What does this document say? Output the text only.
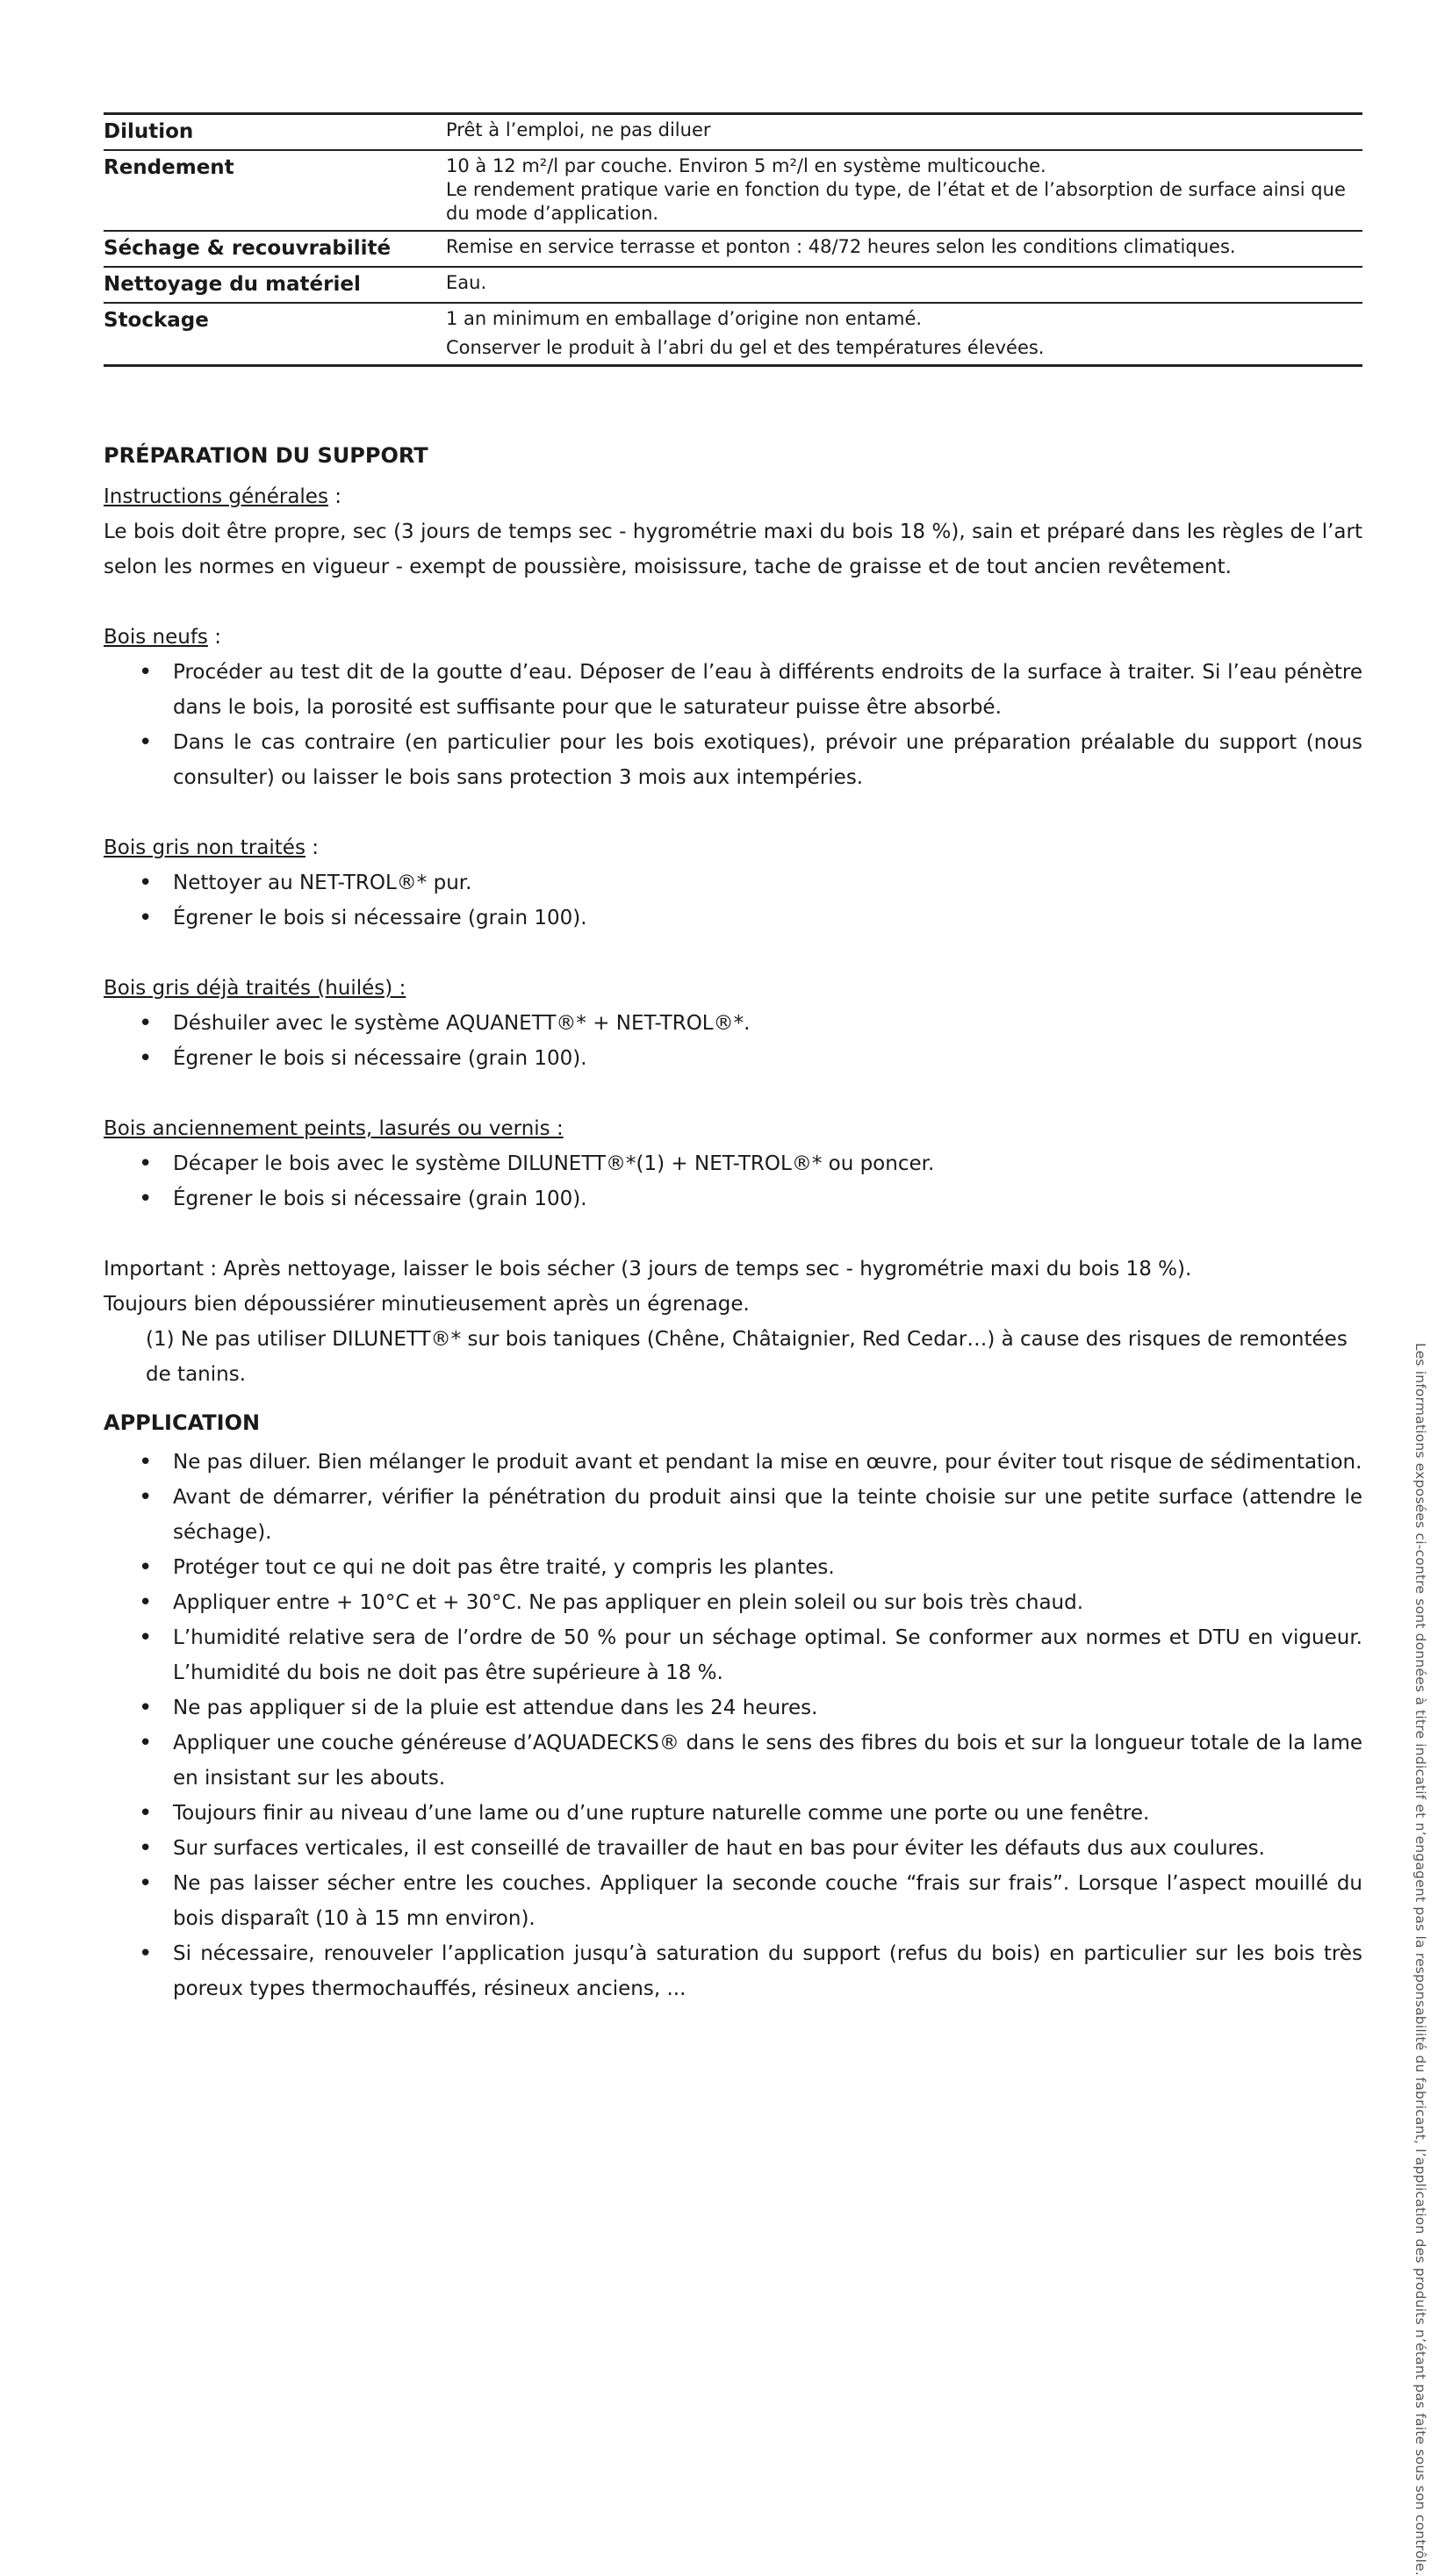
Dilution	Prêt à l’emploi, ne pas diluer

Rendement	10 à 12 m²/l par couche. Environ 5 m²/l en système multicouche.
Le rendement pratique varie en fonction du type, de l’état et de l’absorption de surface ainsi que
du mode d’application.

Séchage & recouvrabilité	Remise en service terrasse et ponton : 48/72 heures selon les conditions climatiques.

Nettoyage du matériel	Eau.

Stockage	1 an minimum en emballage d’origine non entamé.
Conserver le produit à l’abri du gel et des températures élevées.
PRÉPARATION DU SUPPORT

Instructions générales :

Le bois doit être propre, sec (3 jours de temps sec - hygrométrie maxi du bois 18 %), sain et préparé dans les règles de l’art selon les normes en vigueur - exempt de poussière, moisissure, tache de graisse et de tout ancien revêtement.

Bois neufs :

• Procéder au test dit de la goutte d’eau. Déposer de l’eau à différents endroits de la surface à traiter. Si l’eau pénètre dans le bois, la porosité est suffisante pour que le saturateur puisse être absorbé.
• Dans le cas contraire (en particulier pour les bois exotiques), prévoir une préparation préalable du support (nous consulter) ou laisser le bois sans protection 3 mois aux intempéries.

Bois gris non traités :

• Nettoyer au NET-TROL®* pur.
• Égrener le bois si nécessaire (grain 100).

Bois gris déjà traités (huilés) :

• Déshuiler avec le système AQUANETT®* + NET-TROL®*.
• Égrener le bois si nécessaire (grain 100).

Bois anciennement peints, lasurés ou vernis :

• Décaper le bois avec le système DILUNETT®*(1) + NET-TROL®* ou poncer.
• Égrener le bois si nécessaire (grain 100).

Important : Après nettoyage, laisser le bois sécher (3 jours de temps sec - hygrométrie maxi du bois 18 %).

Toujours bien dépoussiérer minutieusement après un égrenage.

(1) Ne pas utiliser DILUNETT®* sur bois taniques (Chêne, Châtaignier, Red Cedar…) à cause des risques de remontées de tanins.

APPLICATION
• Ne pas diluer. Bien mélanger le produit avant et pendant la mise en œuvre, pour éviter tout risque de sédimentation.
• Avant de démarrer, vérifier la pénétration du produit ainsi que la teinte choisie sur une petite surface (attendre le séchage).
• Protéger tout ce qui ne doit pas être traité, y compris les plantes.
• Appliquer entre + 10°C et + 30°C. Ne pas appliquer en plein soleil ou sur bois très chaud.
• L’humidité relative sera de l’ordre de 50 % pour un séchage optimal. Se conformer aux normes et DTU en vigueur. L’humidité du bois ne doit pas être supérieure à 18 %.
• Ne pas appliquer si de la pluie est attendue dans les 24 heures.
• Appliquer une couche généreuse d’AQUADECKS® dans le sens des fibres du bois et sur la longueur totale de la lame en insistant sur les abouts.
• Toujours finir au niveau d’une lame ou d’une rupture naturelle comme une porte ou une fenêtre.
• Sur surfaces verticales, il est conseillé de travailler de haut en bas pour éviter les défauts dus aux coulures.
• Ne pas laisser sécher entre les couches. Appliquer la seconde couche “frais sur frais”. Lorsque l’aspect mouillé du bois disparaît (10 à 15 mn environ).
• Si nécessaire, renouveler l’application jusqu’à saturation du support (refus du bois) en particulier sur les bois très poreux types thermochauffés, résineux anciens, ...	Les informations exposées ci-contre sont données à titre indicatif et n’engagent pas la responsabilité du fabricant, l’application des produits n’étant pas faite sous son contrôle.
